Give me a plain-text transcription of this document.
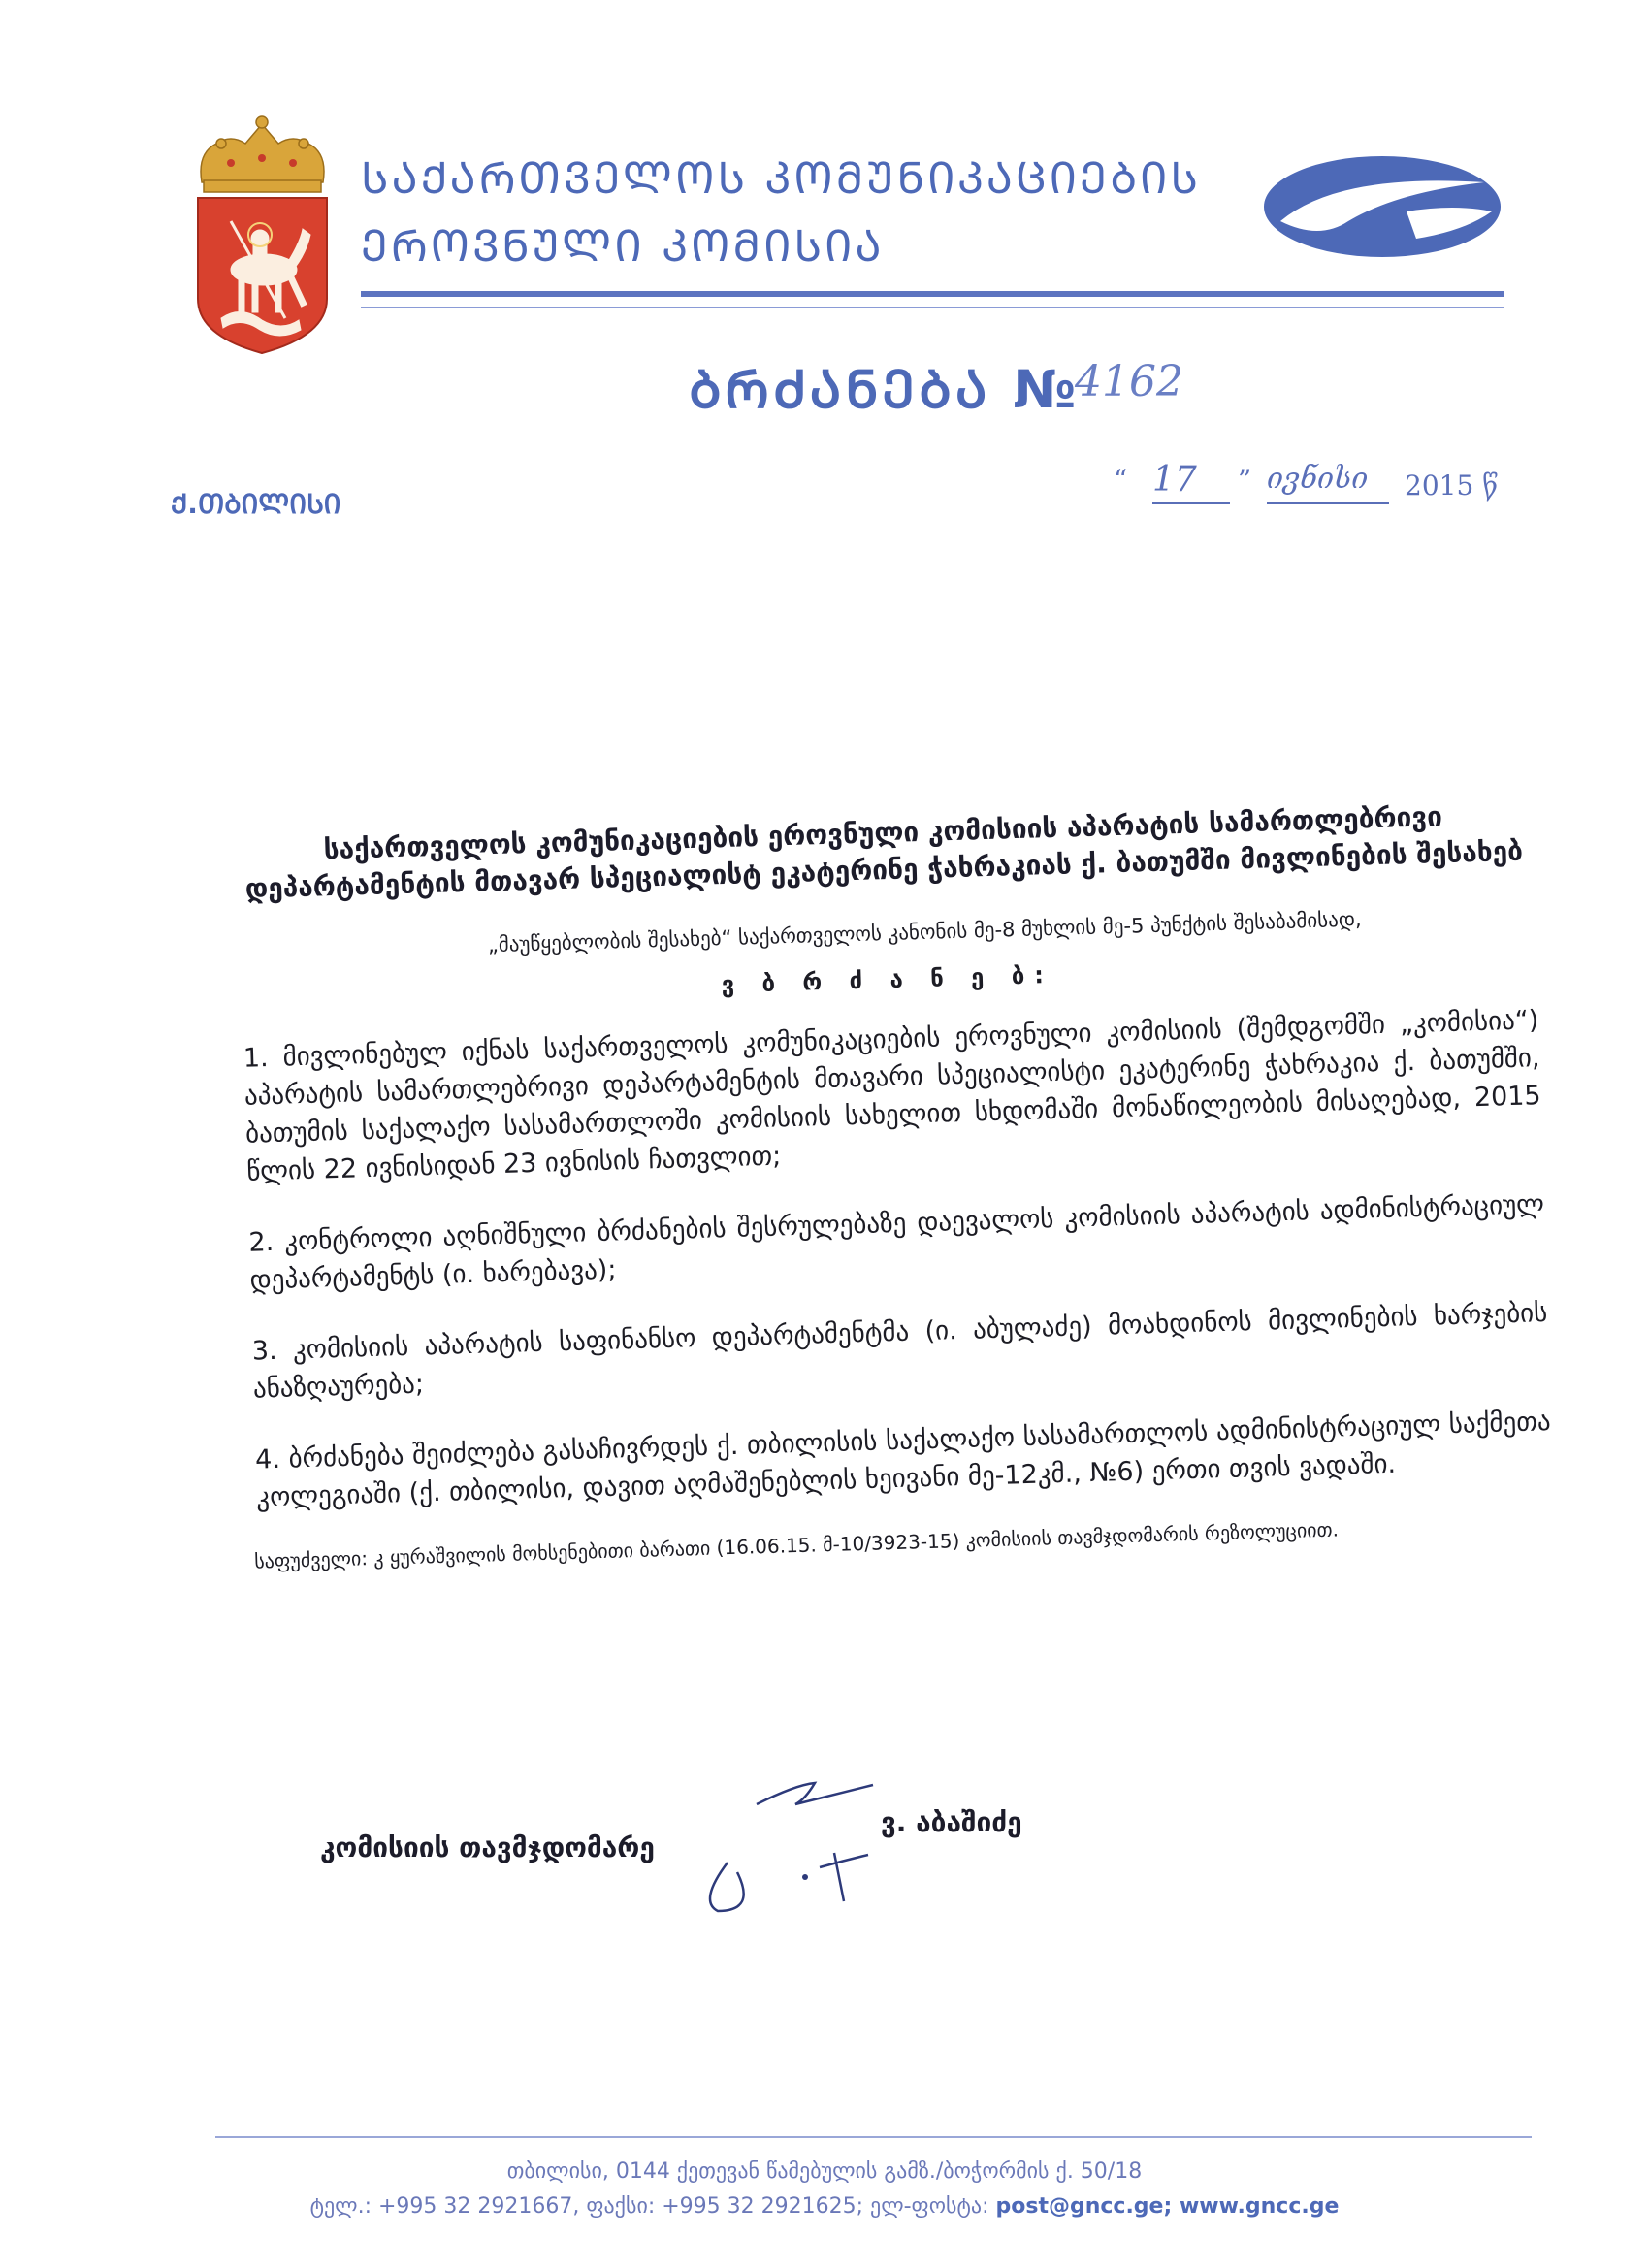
ᲡᲐᲥᲐᲠᲗᲕᲔᲚᲝᲡ ᲙᲝᲛᲣᲜᲘᲙᲐᲪᲘᲔᲑᲘᲡ
ᲔᲠᲝᲕᲜᲣᲚᲘ ᲙᲝᲛᲘᲡᲘᲐ
ᲑᲠᲫᲐᲜᲔᲑᲐ №
4162
Ქ.ᲗᲑᲘᲚᲘᲡᲘ
“ 17 ” ივნისი 2015 წ

საქართველოს კომუნიკაციების ეროვნული კომისიის აპარატის სამართლებრივი დეპარტამენტის მთავარ სპეციალისტ ეკატერინე ჭახრაკიას ქ. ბათუმში მივლინების შესახებ

„მაუწყებლობის შესახებ“ საქართველოს კანონის მე-8 მუხლის მე-5 პუნქტის შესაბამისად,

ვ ბ რ ძ ა ნ ე ბ:

1. მივლინებულ იქნას საქართველოს კომუნიკაციების ეროვნული კომისიის (შემდგომში „კომისია“) აპარატის სამართლებრივი დეპარტამენტის მთავარი სპეციალისტი ეკატერინე ჭახრაკია ქ. ბათუმში, ბათუმის საქალაქო სასამართლოში კომისიის სახელით სხდომაში მონაწილეობის მისაღებად, 2015 წლის 22 ივნისიდან 23 ივნისის ჩათვლით;
2. კონტროლი აღნიშნული ბრძანების შესრულებაზე დაევალოს კომისიის აპარატის ადმინისტრაციულ დეპარტამენტს (ი. ხარებავა);
3. კომისიის აპარატის საფინანსო დეპარტამენტმა (ი. აბულაძე) მოახდინოს მივლინების ხარჯების ანაზღაურება;
4. ბრძანება შეიძლება გასაჩივრდეს ქ. თბილისის საქალაქო სასამართლოს ადმინისტრაციულ საქმეთა კოლეგიაში (ქ. თბილისი, დავით აღმაშენებლის ხეივანი მე-12კმ., №6) ერთი თვის ვადაში.

საფუძველი: კ ყურაშვილის მოხსენებითი ბარათი (16.06.15. მ-10/3923-15) კომისიის თავმჯდომარის რეზოლუციით.

კომისიის თავმჯდომარე
ვ. აბაშიძე
თბილისი, 0144 ქეთევან წამებულის გამზ./ბოჭორმის ქ. 50/18
ტელ.: +995 32 2921667, ფაქსი: +995 32 2921625; ელ-ფოსტა: post@gncc.ge; www.gncc.ge
